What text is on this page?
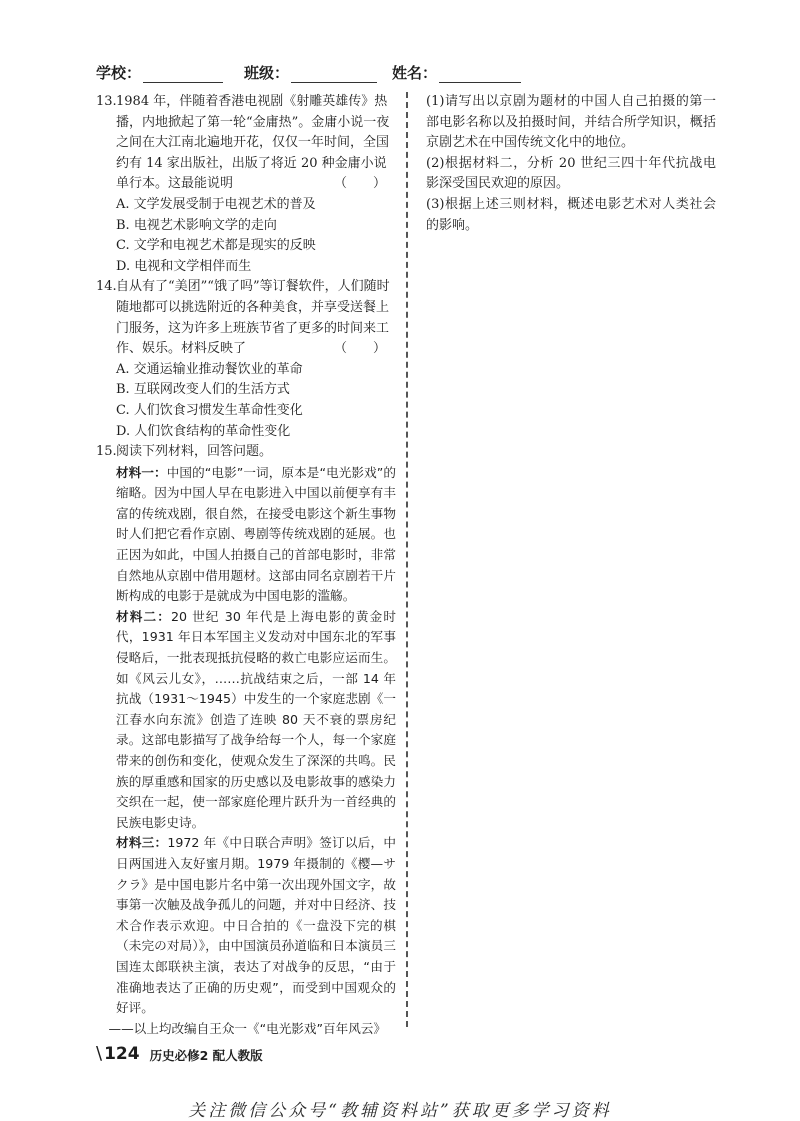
学校：	班级：	姓名：
13. 1984 年，伴随着香港电视剧《射雕英雄传》热播，内地掀起了第一轮“金庸热”。金庸小说一夜之间在大江南北遍地开花，仅仅一年时间，全国约有 14 家出版社，出版了将近 20 种金庸小说单行本。这最能说明	（　　）
A. 文学发展受制于电视艺术的普及
B. 电视艺术影响文学的走向
C. 文学和电视艺术都是现实的反映
D. 电视和文学相伴而生
14. 自从有了“美团”“饿了吗”等订餐软件，人们随时随地都可以挑选附近的各种美食，并享受送餐上门服务，这为许多上班族节省了更多的时间来工作、娱乐。材料反映了	（　　）
A. 交通运输业推动餐饮业的革命
B. 互联网改变人们的生活方式
C. 人们饮食习惯发生革命性变化
D. 人们饮食结构的革命性变化
15. 阅读下列材料，回答问题。
材料一：中国的“电影”一词，原本是“电光影戏”的缩略。因为中国人早在电影进入中国以前便享有丰富的传统戏剧，很自然，在接受电影这个新生事物时人们把它看作京剧、粤剧等传统戏剧的延展。也正因为如此，中国人拍摄自己的首部电影时，非常自然地从京剧中借用题材。这部由同名京剧若干片断构成的电影于是就成为中国电影的滥觞。
材料二：20 世纪 30 年代是上海电影的黄金时代，1931 年日本军国主义发动对中国东北的军事侵略后，一批表现抵抗侵略的救亡电影应运而生。如《风云儿女》，……抗战结束之后，一部 14 年抗战（1931～1945）中发生的一个家庭悲剧《一江春水向东流》创造了连映 80 天不衰的票房纪录。这部电影描写了战争给每一个人，每一个家庭带来的创伤和变化，使观众发生了深深的共鸣。民族的厚重感和国家的历史感以及电影故事的感染力交织在一起，使一部家庭伦理片跃升为一首经典的民族电影史诗。
材料三：1972 年《中日联合声明》签订以后，中日两国进入友好蜜月期。1979 年摄制的《樱—サクラ》是中国电影片名中第一次出现外国文字，故事第一次触及战争孤儿的问题，并对中日经济、技术合作表示欢迎。中日合拍的《一盘没下完的棋（未完の对局）》，由中国演员孙道临和日本演员三国连太郎联袂主演，表达了对战争的反思，“由于准确地表达了正确的历史观”，而受到中国观众的好评。
——以上均改编自王众一《“电光影戏”百年风云》
(1)请写出以京剧为题材的中国人自己拍摄的第一部电影名称以及拍摄时间，并结合所学知识，概括京剧艺术在中国传统文化中的地位。
(2)根据材料二，分析 20 世纪三四十年代抗战电影深受国民欢迎的原因。
(3)根据上述三则材料，概述电影艺术对人类社会的影响。
\ 124 历史必修2 配人教版
关注微信公众号“教辅资料站”获取更多学习资料
